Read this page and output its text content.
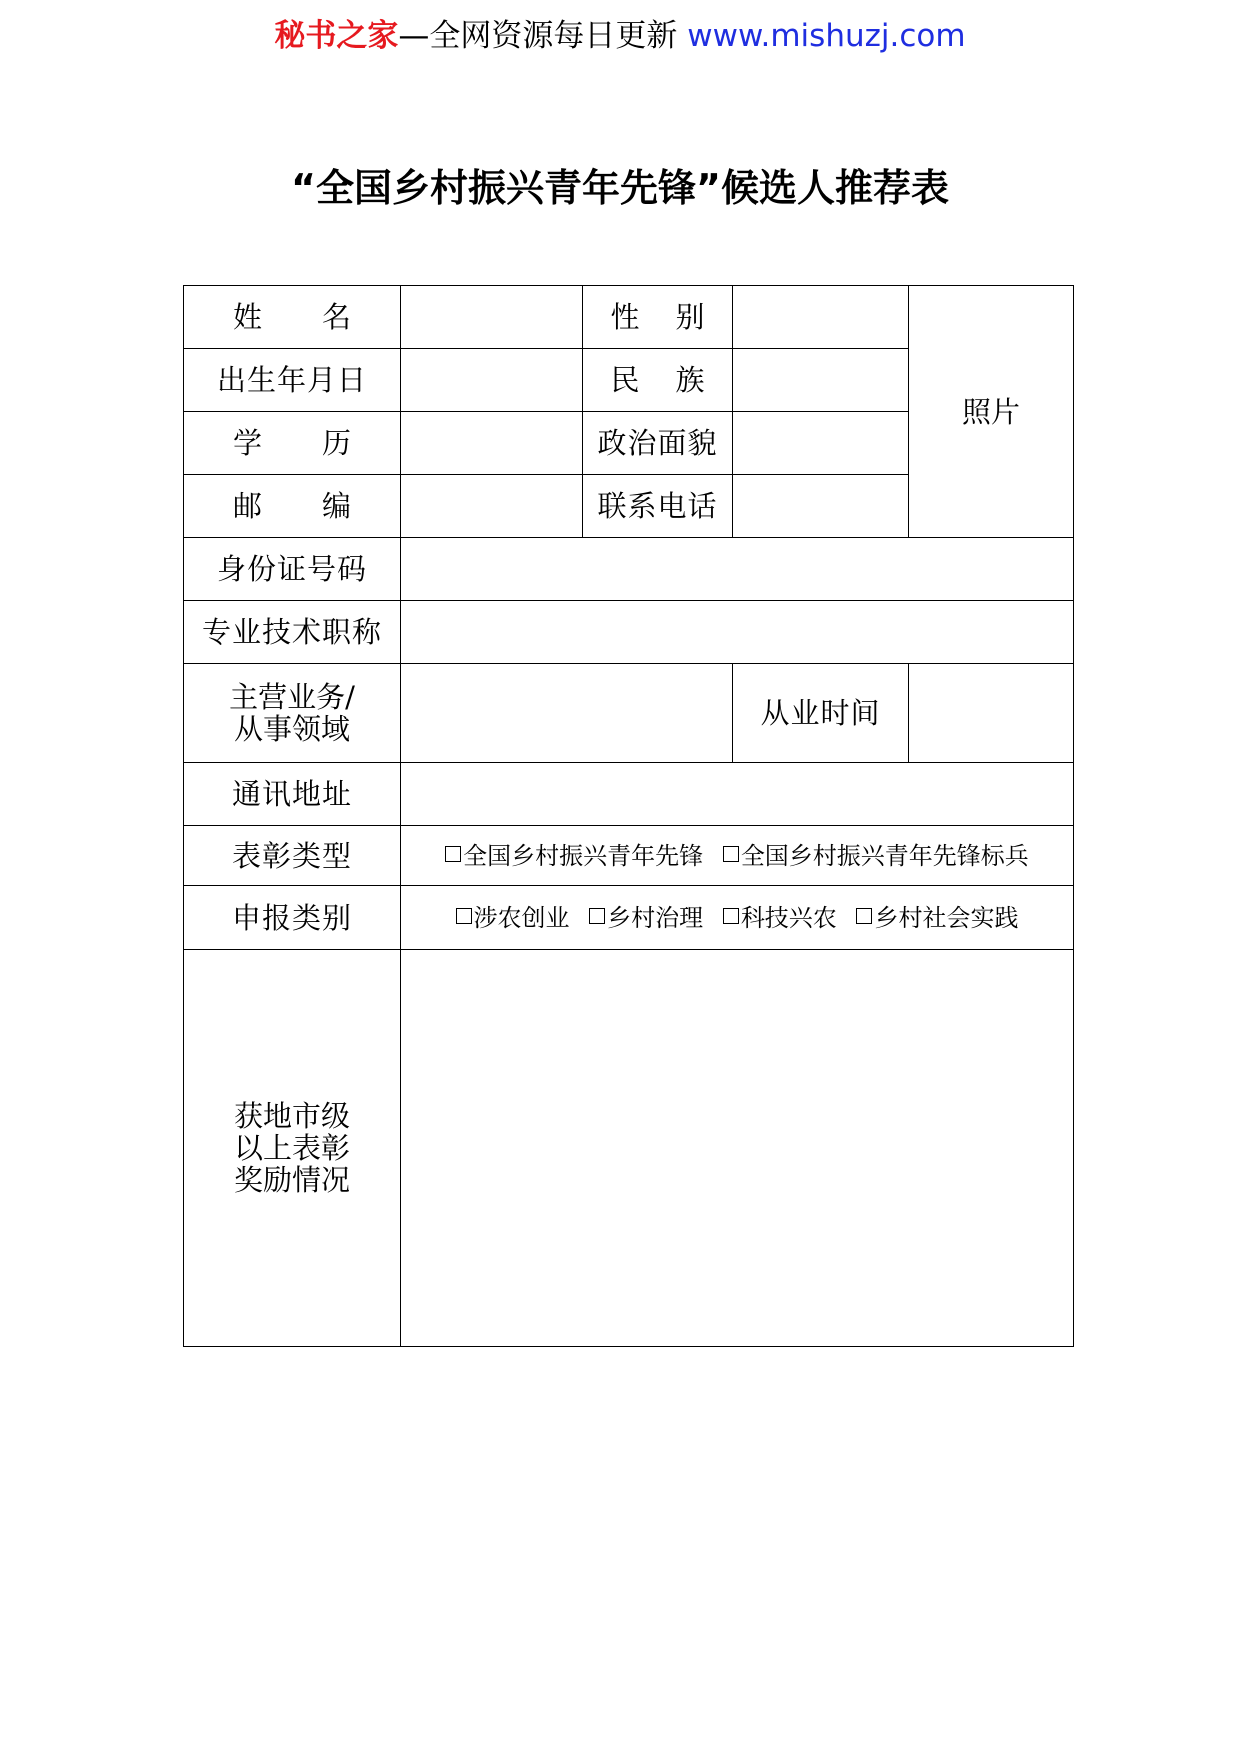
秘书之家—全网资源每日更新 www.mishuzj.com
“全国乡村振兴青年先锋”候选人推荐表
姓 名		性 别		照片
出生年月日		民 族		
学 历		政治面貌		
邮 编		联系电话		
身份证号码				
专业技术职称				

主营业务/
从事领域			从业时间	
通讯地址				
表彰类型	全国乡村振兴青年先锋 全国乡村振兴青年先锋标兵			
申报类别	涉农创业 乡村治理 科技兴农 乡村社会实践			

获地市级
以上表彰
奖励情况				
